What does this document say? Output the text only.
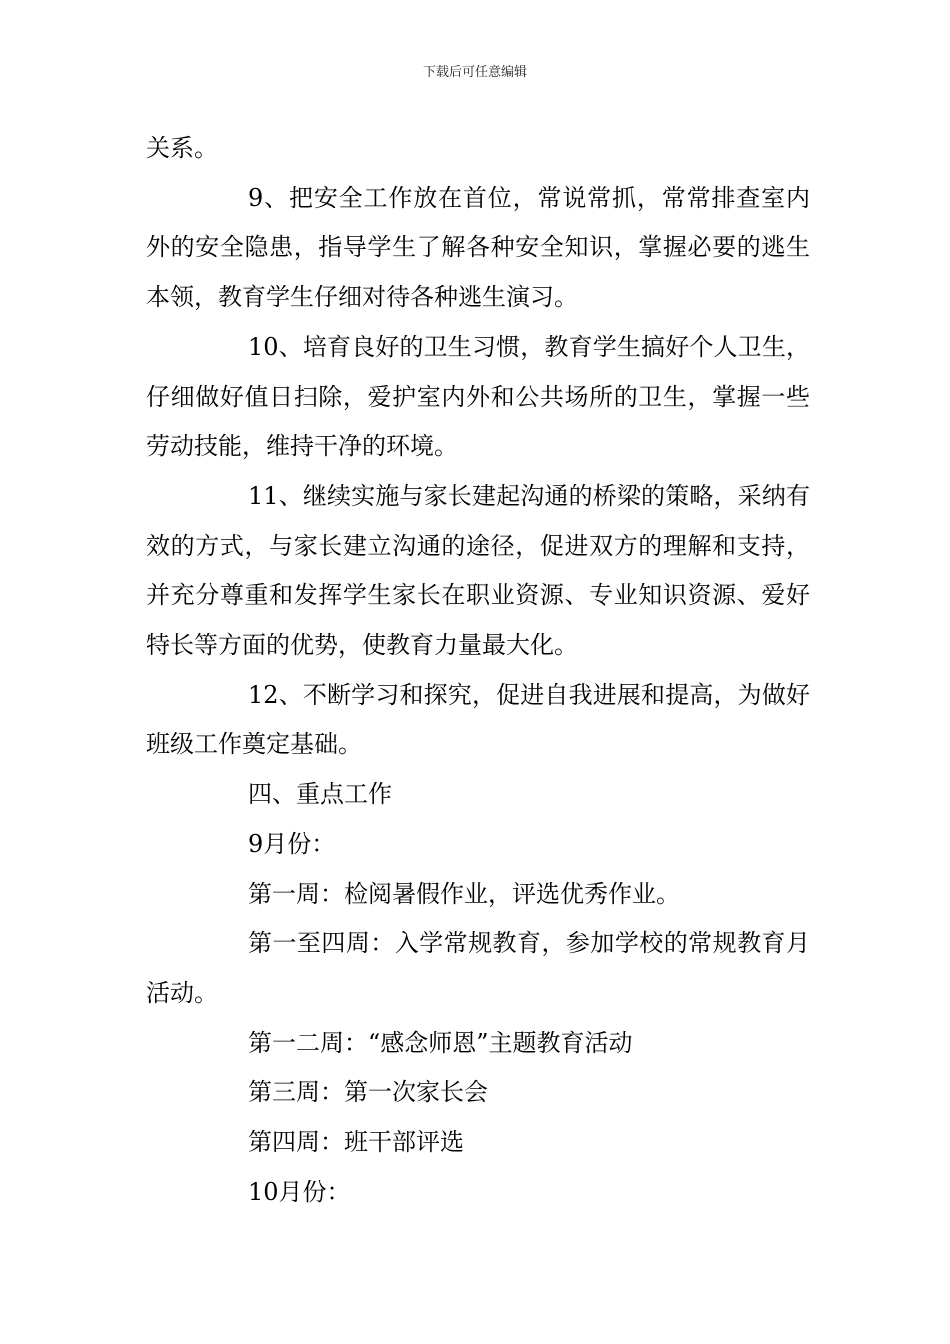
下载后可任意编辑

关系。

9、把安全工作放在首位，常说常抓，常常排查室内外的安全隐患，指导学生了解各种安全知识，掌握必要的逃生本领，教育学生仔细对待各种逃生演习。

10、培育良好的卫生习惯，教育学生搞好个人卫生，仔细做好值日扫除，爱护室内外和公共场所的卫生，掌握一些劳动技能，维持干净的环境。

11、继续实施与家长建起沟通的桥梁的策略，采纳有效的方式，与家长建立沟通的途径，促进双方的理解和支持，并充分尊重和发挥学生家长在职业资源、专业知识资源、爱好特长等方面的优势，使教育力量最大化。

12、不断学习和探究，促进自我进展和提高，为做好班级工作奠定基础。

四、重点工作

9月份：

第一周：检阅暑假作业，评选优秀作业。

第一至四周：入学常规教育，参加学校的常规教育月活动。

第一二周：“感念师恩”主题教育活动

第三周：第一次家长会

第四周：班干部评选

10月份：
